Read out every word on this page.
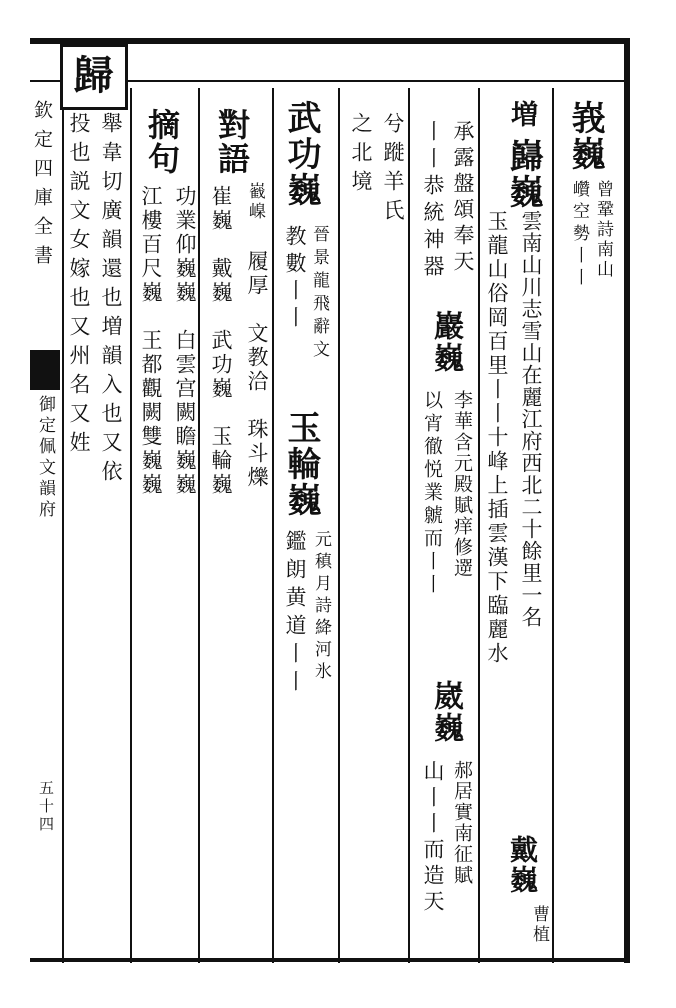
歸
欽定四庫全書
御定佩文韻府
五十四
峩巍
曾鞏詩南山
巑空勢丨丨
増
巋巍
雲南山川志雪山在麗江府西北二十餘里一名
戴巍
曹植
玉龍山俗岡百里丨丨十峰上插雲漢下臨麗水
承露盤頌奉天
巖巍
李華含元殿賦痒修遻
丨丨恭統神器
以宵徹悦業虩而丨丨
崴巍
郝居實南征賦
山丨丨而造天
兮蹝羊氏
之北境
武功巍
晉景龍飛辭文
教數丨丨
玉輪巍
元稹月詩絳河氷
鑑朗黄道丨丨
對語
巀嵲
履厚　文教洽　珠斗爍
崔巍　戴巍　武功巍　玉輪巍
摘句
功業仰巍巍　白雲宫闕瞻巍巍
江樓百尺巍　王都觀闕雙巍巍
舉韋切廣韻還也増韻入也又依
投也説文女嫁也又州名又姓
